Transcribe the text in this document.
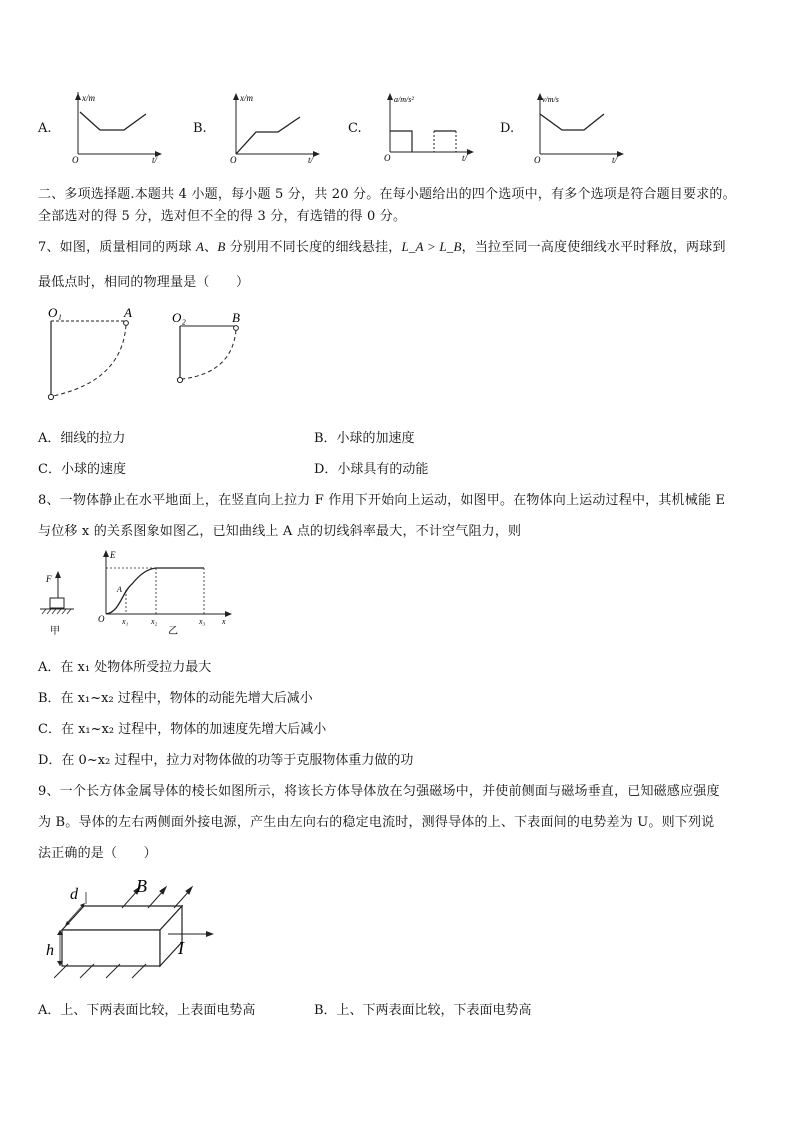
A.
x/m
O	t/
B.
x/m
O	t/
C.
a/m/s²
O	t/
D.
v/m/s
O	t/
二、多项选择题.本题共 4 小题，每小题 5 分，共 20 分。在每小题给出的四个选项中，有多个选项是符合题目要求的。
全部选对的得 5 分，选对但不全的得 3 分，有选错的得 0 分。
7、如图，质量相同的两球 A、B 分别用不同长度的细线悬挂，L_A > L_B，当拉至同一高度使细线水平时释放，两球到
最低点时，相同的物理量是（　　）
O₁	A	O₂	B
A．细线的拉力	B．小球的加速度
C．小球的速度	D．小球具有的动能
8、一物体静止在水平地面上，在竖直向上拉力 F 作用下开始向上运动，如图甲。在物体向上运动过程中，其机械能 E
与位移 x 的关系图象如图乙，已知曲线上 A 点的切线斜率最大，不计空气阻力，则
F
甲
E
O
A
x₁	x₂	x₃ x
乙
A．在 x₁ 处物体所受拉力最大
B．在 x₁~x₂ 过程中，物体的动能先增大后减小
C．在 x₁~x₂ 过程中，物体的加速度先增大后减小
D．在 0~x₂ 过程中，拉力对物体做的功等于克服物体重力做的功
9、一个长方体金属导体的棱长如图所示，将该长方体导体放在匀强磁场中，并使前侧面与磁场垂直，已知磁感应强度
为 B。导体的左右两侧面外接电源，产生由左向右的稳定电流时，测得导体的上、下表面间的电势差为 U。则下列说
法正确的是（　　）
B
d
h	I
A．上、下两表面比较，上表面电势高	B．上、下两表面比较，下表面电势高
